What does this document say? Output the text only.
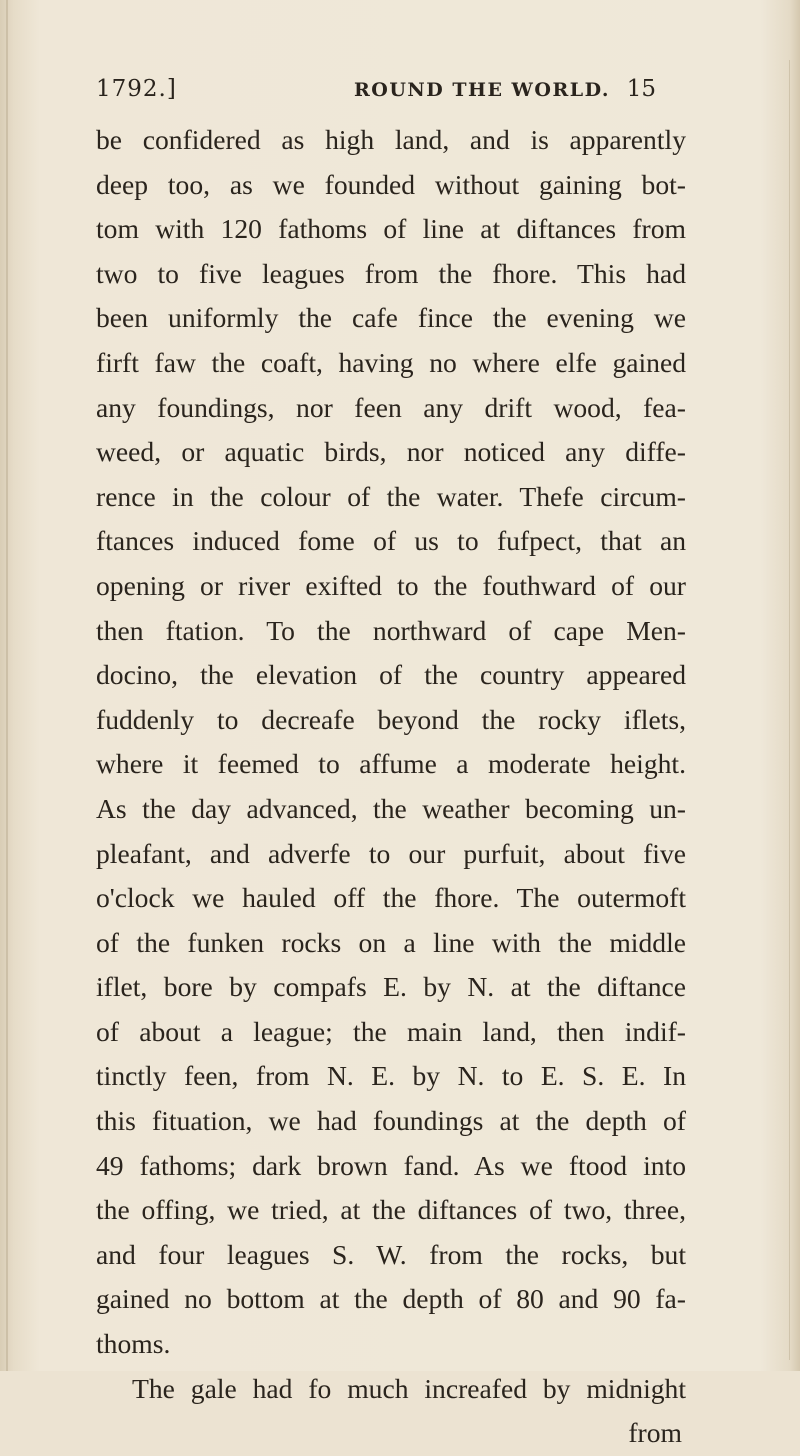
1792.]	ROUND THE WORLD. 15
be confidered as high land, and is apparently
deep too, as we founded without gaining bot-
tom with 120 fathoms of line at diftances from
two to five leagues from the fhore. This had
been uniformly the cafe fince the evening we
firft faw the coaft, having no where elfe gained
any foundings, nor feen any drift wood, fea-
weed, or aquatic birds, nor noticed any diffe-
rence in the colour of the water. Thefe circum-
ftances induced fome of us to fufpect, that an
opening or river exifted to the fouthward of our
then ftation. To the northward of cape Men-
docino, the elevation of the country appeared
fuddenly to decreafe beyond the rocky iflets,
where it feemed to affume a moderate height.
As the day advanced, the weather becoming un-
pleafant, and adverfe to our purfuit, about five
o'clock we hauled off the fhore. The outermoft
of the funken rocks on a line with the middle
iflet, bore by compafs E. by N. at the diftance
of about a league; the main land, then indif-
tinctly feen, from N. E. by N. to E. S. E. In
this fituation, we had foundings at the depth of
49 fathoms; dark brown fand. As we ftood into
the offing, we tried, at the diftances of two, three,
and four leagues S. W. from the rocks, but
gained no bottom at the depth of 80 and 90 fa-
thoms.
The gale had fo much increafed by midnight
from
